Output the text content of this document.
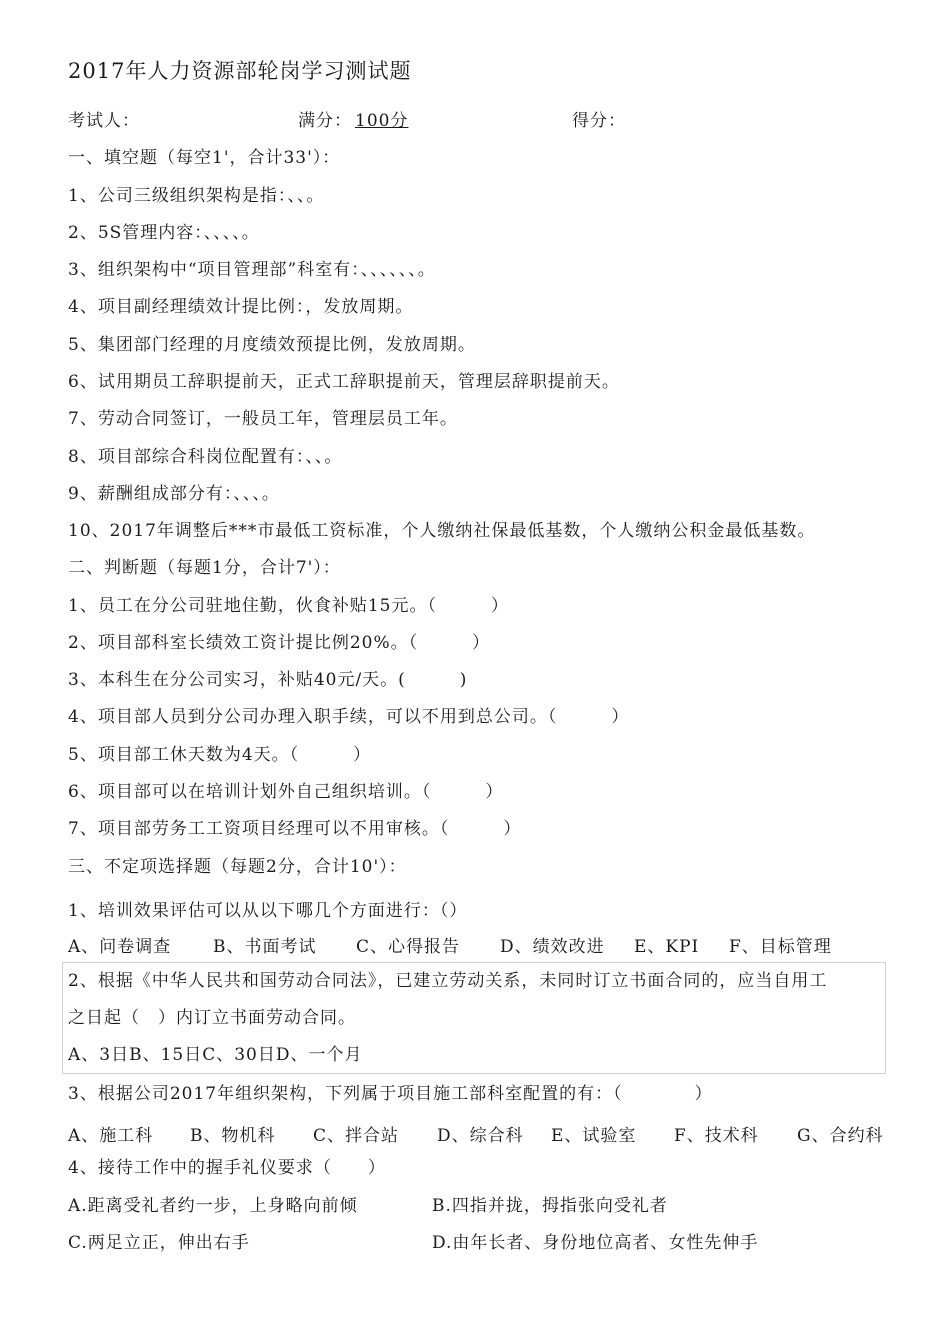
2017年人力资源部轮岗学习测试题
考试人：	满分： 100分	得分：
一、填空题（每空1'，合计33'）：
1、公司三级组织架构是指：、、。
2、5S管理内容：、、、、。
3、组织架构中“项目管理部”科室有：、、、、、、。
4、项目副经理绩效计提比例：，发放周期。
5、集团部门经理的月度绩效预提比例，发放周期。
6、试用期员工辞职提前天，正式工辞职提前天，管理层辞职提前天。
7、劳动合同签订，一般员工年，管理层员工年。
8、项目部综合科岗位配置有：、、。
9、薪酬组成部分有：、、、。
10、2017年调整后***市最低工资标准，个人缴纳社保最低基数，个人缴纳公积金最低基数。
二、判断题（每题1分，合计7'）：
1、员工在分公司驻地住勤，伙食补贴15元。（　　　）
2、项目部科室长绩效工资计提比例20%。（　　　）
3、本科生在分公司实习，补贴40元/天。(　　　)
4、项目部人员到分公司办理入职手续，可以不用到总公司。（　　　）
5、项目部工休天数为4天。（　　　）
6、项目部可以在培训计划外自己组织培训。（　　　）
7、项目部劳务工工资项目经理可以不用审核。（　　　）
三、不定项选择题（每题2分，合计10'）：
1、培训效果评估可以从以下哪几个方面进行：（）
A、问卷调查 B、书面考试 C、心得报告 D、绩效改进 E、KPI F、目标管理
2、根据《中华人民共和国劳动合同法》，已建立劳动关系，未同时订立书面合同的，应当自用工
之日起（　）内订立书面劳动合同。
A、3日B、15日C、30日D、一个月
3、根据公司2017年组织架构，下列属于项目施工部科室配置的有：（　　　　）
A、施工科 B、物机科 C、拌合站 D、综合科 E、试验室 F、技术科 G、合约科
4、接待工作中的握手礼仪要求（　　）
A.距离受礼者约一步，上身略向前倾	B.四指并拢，拇指张向受礼者
C.两足立正，伸出右手	D.由年长者、身份地位高者、女性先伸手
